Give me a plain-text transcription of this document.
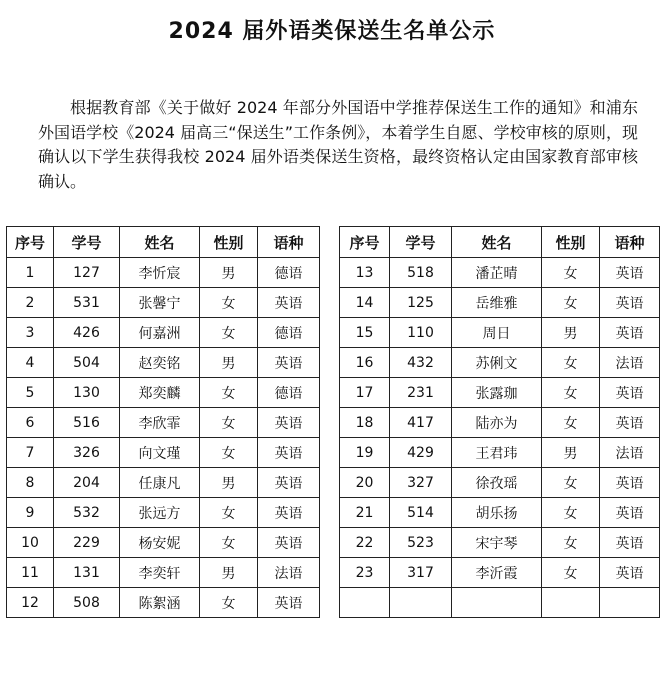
2024 届外语类保送生名单公示
根据教育部《关于做好 2024 年部分外国语中学推荐保送生工作的通知》和浦东外国语学校《2024 届高三“保送生”工作条例》，本着学生自愿、学校审核的原则，现确认以下学生获得我校 2024 届外语类保送生资格，最终资格认定由国家教育部审核确认。
序号	学号	姓名	性别	语种
1	127	李忻宸	男	德语
2	531	张馨宁	女	英语
3	426	何嘉洲	女	德语
4	504	赵奕铭	男	英语
5	130	郑奕麟	女	德语
6	516	李欣霏	女	英语
7	326	向文瑾	女	英语
8	204	任康凡	男	英语
9	532	张远方	女	英语
10	229	杨安妮	女	英语
11	131	李奕轩	男	法语
12	508	陈絮涵	女	英语
序号	学号	姓名	性别	语种
13	518	潘芷晴	女	英语
14	125	岳维雅	女	英语
15	110	周日	男	英语
16	432	苏俐文	女	法语
17	231	张露珈	女	英语
18	417	陆亦为	女	英语
19	429	王君玮	男	法语
20	327	徐孜瑶	女	英语
21	514	胡乐扬	女	英语
22	523	宋宇琴	女	英语
23	317	李沂霞	女	英语
